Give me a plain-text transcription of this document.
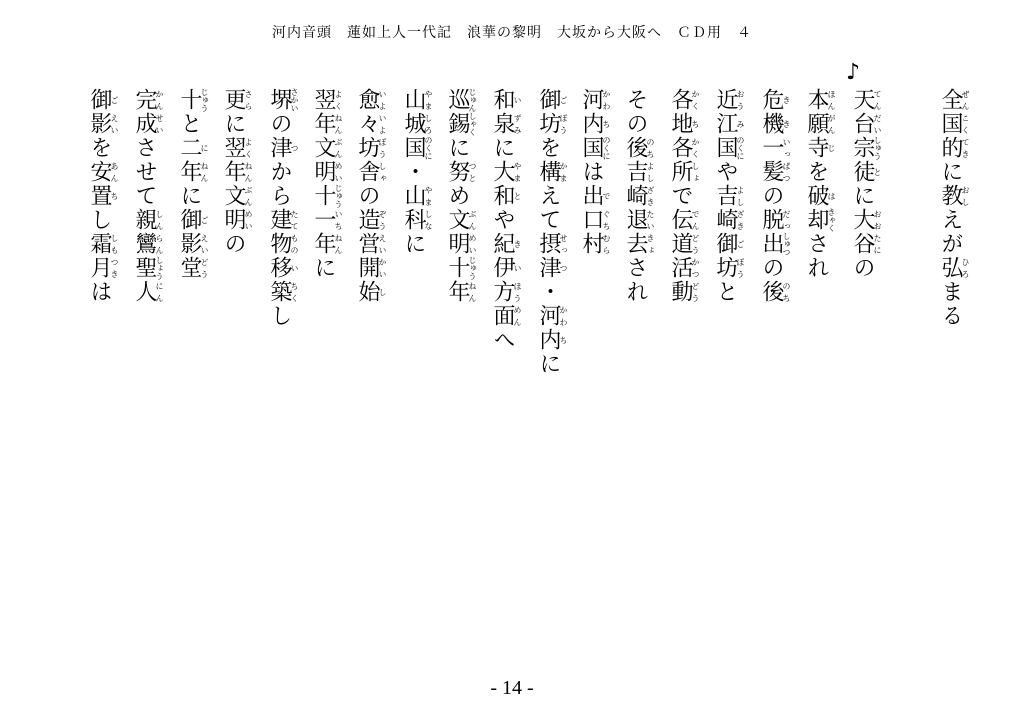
河内音頭　蓮如上人一代記　浪華の黎明　大坂から大阪へ　ＣＤ用　４
♪
全ぜん国こく的てきに教おしえが弘ひろまる
天てん台だい宗しゅう徒とに大おお谷たにの
本ほん願がん寺じを破は却きゃくされ
危き機き一いっ髪ぱつの脱だっ出しゅつの後のち
近おう江み国のくにや吉よし崎ざき御ご坊ぼうと
各かく地ち各かく所しょで伝でん道どう活かつ動どう
その後のち吉よし崎ざき退たい去きょされ
河かわ内ち国のくには出で口ぐち村むら
御ご坊ぼうを構かまえて摂せっ津つ・河かわ内ちに
和い泉ずみに大やま和とや紀き伊い方ほう面めんへ
巡じゅん錫しゃくに努つとめ文ぶん明めい十じゅう年ねん
山やま城しろ国のくに・山やま科しなに
愈いよ々いよ坊ぼう舎しゃの造ぞう営えい開かい始し
翌よく年ねん文ぶん明めい十じゅう一いち年ねんに
堺さかいの津つから建たて物もの移い築ちくし
更さらに翌よく年ねん文ぶん明めいの
十じゅうと二に年ねんに御ご影えい堂どう
完かん成せいさせて親しん鸞らん聖しょう人にん
御ご影えいを安あん置ちし霜しも月つきは
- 14 -
